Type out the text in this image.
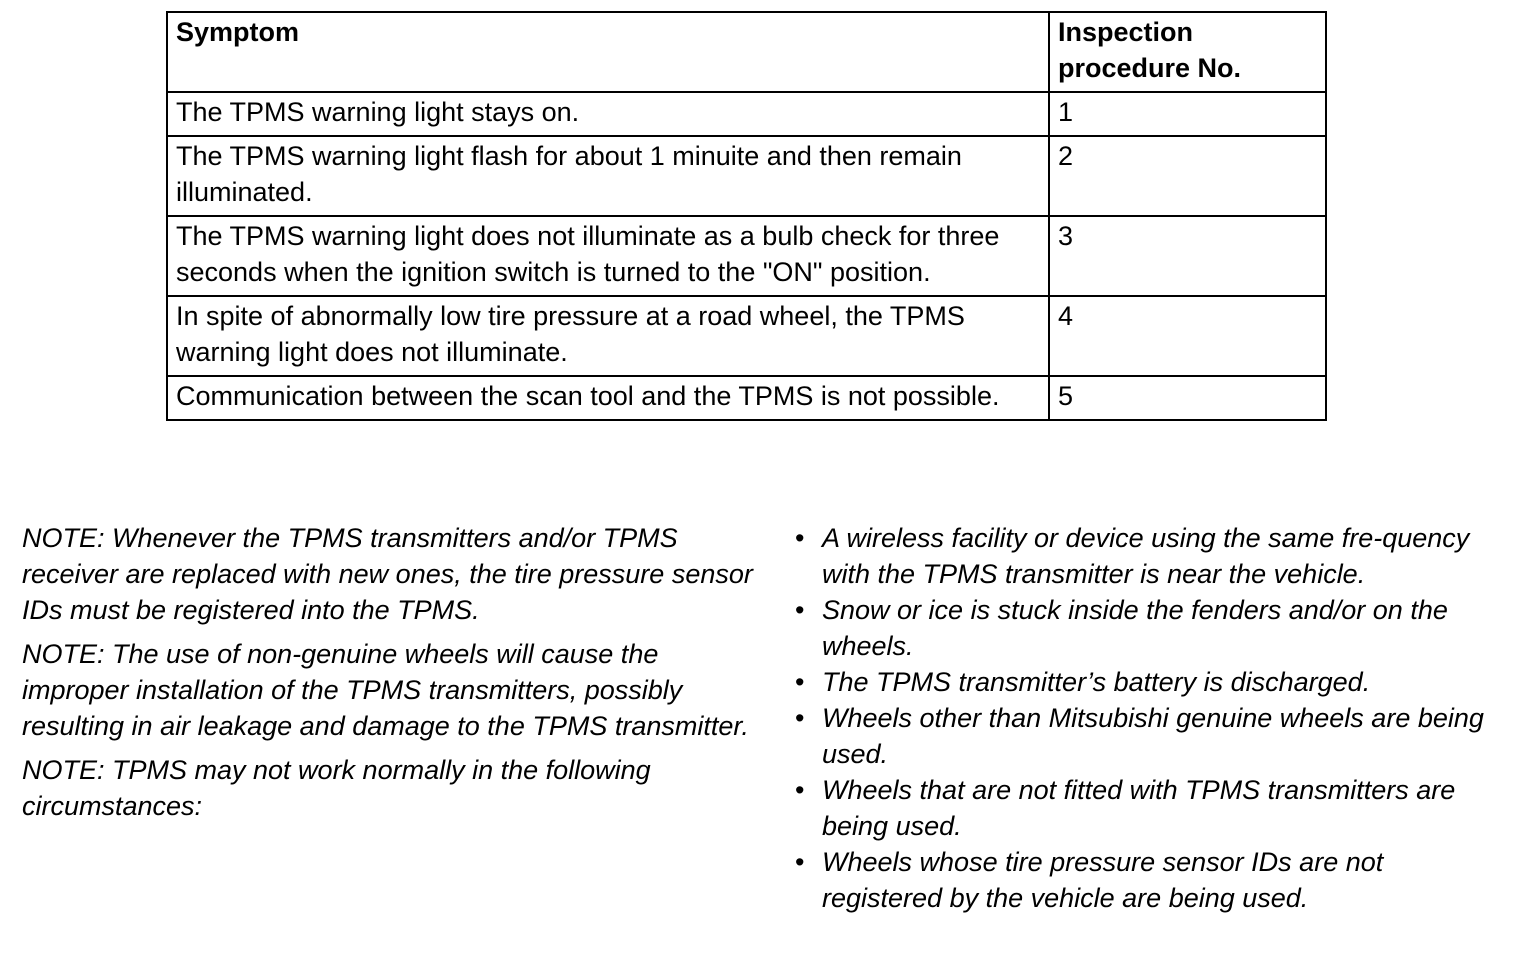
Symptom	Inspection
procedure No.
The TPMS warning light stays on.	1
The TPMS warning light flash for about 1 minuite and then remain illuminated.	2
The TPMS warning light does not illuminate as a bulb check for three seconds when the ignition switch is turned to the "ON" position.	3
In spite of abnormally low tire pressure at a road wheel, the TPMS warning light does not illuminate.	4
Communication between the scan tool and the TPMS is not possible.	5

NOTE: Whenever the TPMS transmitters and/or TPMS receiver are replaced with new ones, the tire pressure sensor IDs must be registered into the TPMS.

NOTE: The use of non-genuine wheels will cause the improper installation of the TPMS transmitters, possibly resulting in air leakage and damage to the TPMS transmitter.

NOTE: TPMS may not work normally in the following circumstances:

• A wireless facility or device using the same fre-quency with the TPMS transmitter is near the vehicle.
• Snow or ice is stuck inside the fenders and/or on the wheels.
• The TPMS transmitter’s battery is discharged.
• Wheels other than Mitsubishi genuine wheels are being used.
• Wheels that are not fitted with TPMS transmitters are being used.
• Wheels whose tire pressure sensor IDs are not registered by the vehicle are being used.
